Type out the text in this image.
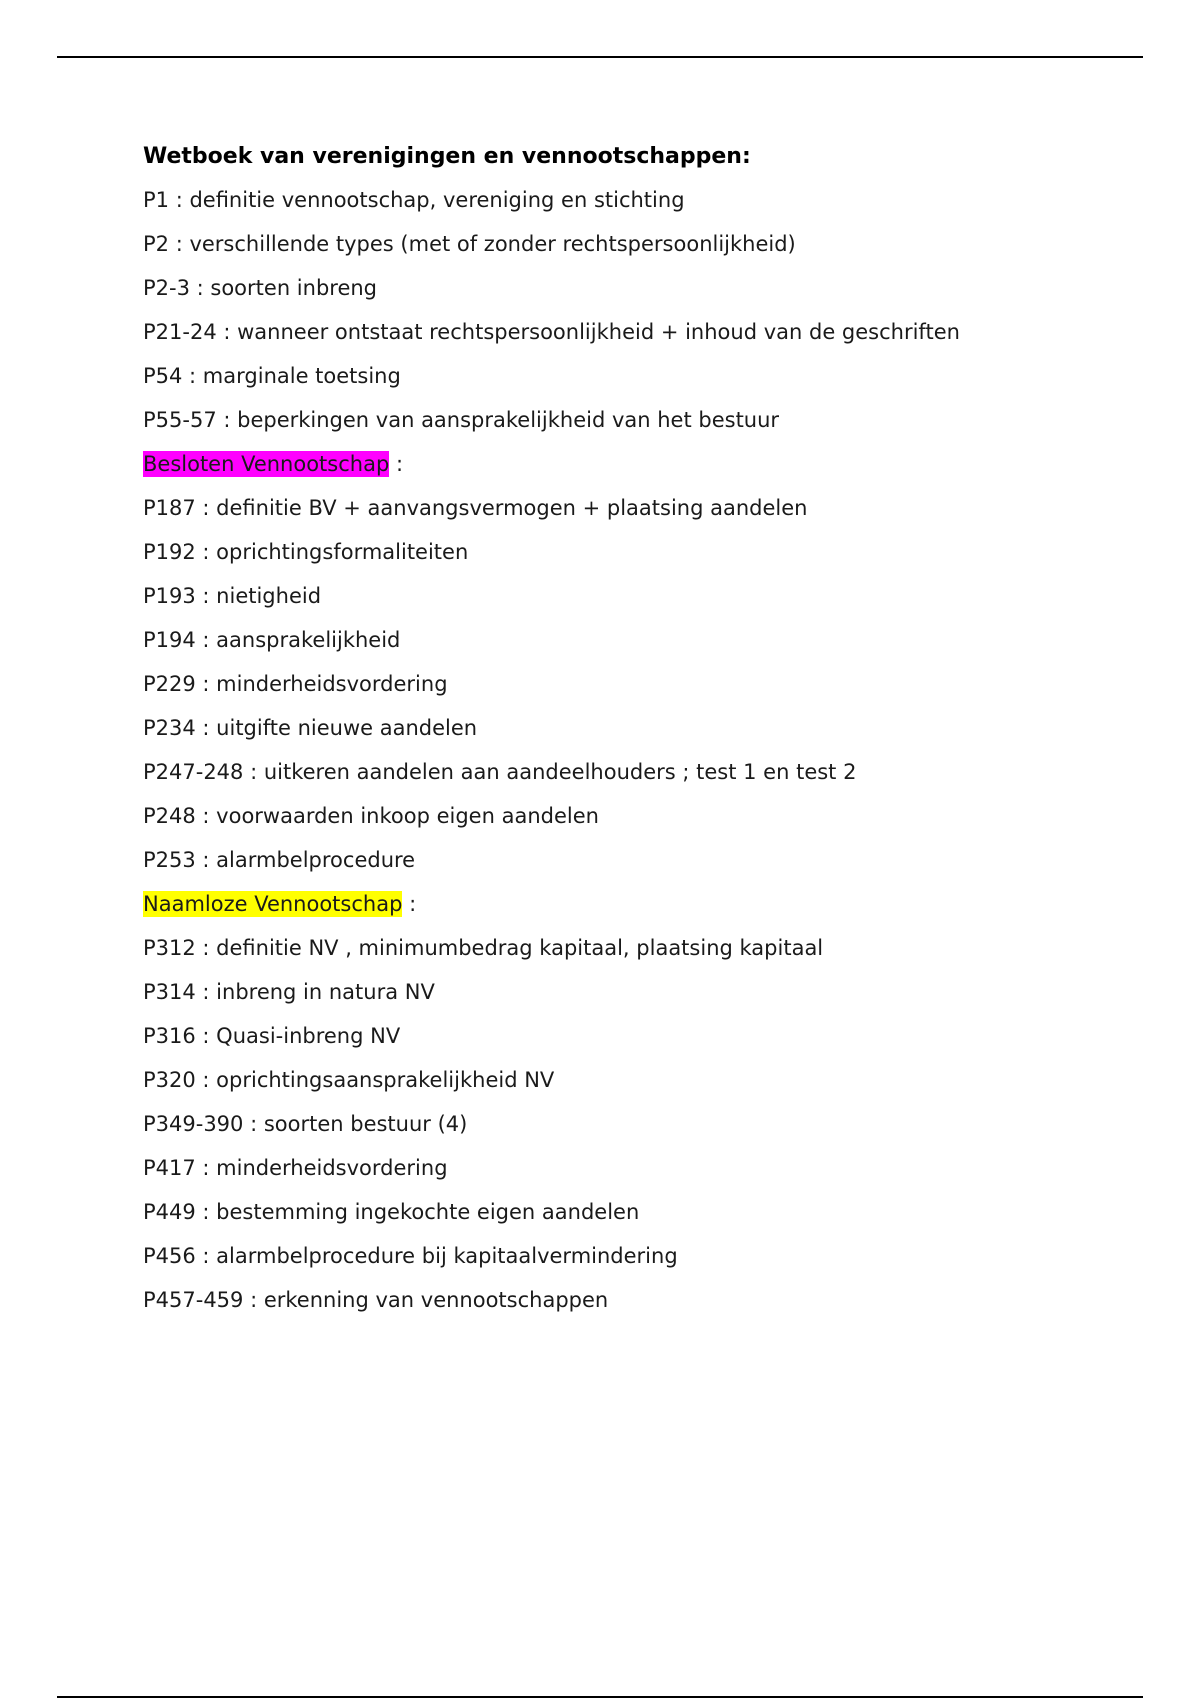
Wetboek van verenigingen en vennootschappen:
P1 : definitie vennootschap, vereniging en stichting
P2 : verschillende types (met of zonder rechtspersoonlijkheid)
P2-3 : soorten inbreng
P21-24 : wanneer ontstaat rechtspersoonlijkheid + inhoud van de geschriften
P54 : marginale toetsing
P55-57 : beperkingen van aansprakelijkheid van het bestuur
Besloten Vennootschap :
P187 : definitie BV + aanvangsvermogen + plaatsing aandelen
P192 : oprichtingsformaliteiten
P193 : nietigheid
P194 : aansprakelijkheid
P229 : minderheidsvordering
P234 : uitgifte nieuwe aandelen
P247-248 : uitkeren aandelen aan aandeelhouders ; test 1 en test 2
P248 : voorwaarden inkoop eigen aandelen
P253 : alarmbelprocedure
Naamloze Vennootschap :
P312 : definitie NV , minimumbedrag kapitaal, plaatsing kapitaal
P314 : inbreng in natura NV
P316 : Quasi-inbreng NV
P320 : oprichtingsaansprakelijkheid NV
P349-390 : soorten bestuur (4)
P417 : minderheidsvordering
P449 : bestemming ingekochte eigen aandelen
P456 : alarmbelprocedure bij kapitaalvermindering
P457-459 : erkenning van vennootschappen
